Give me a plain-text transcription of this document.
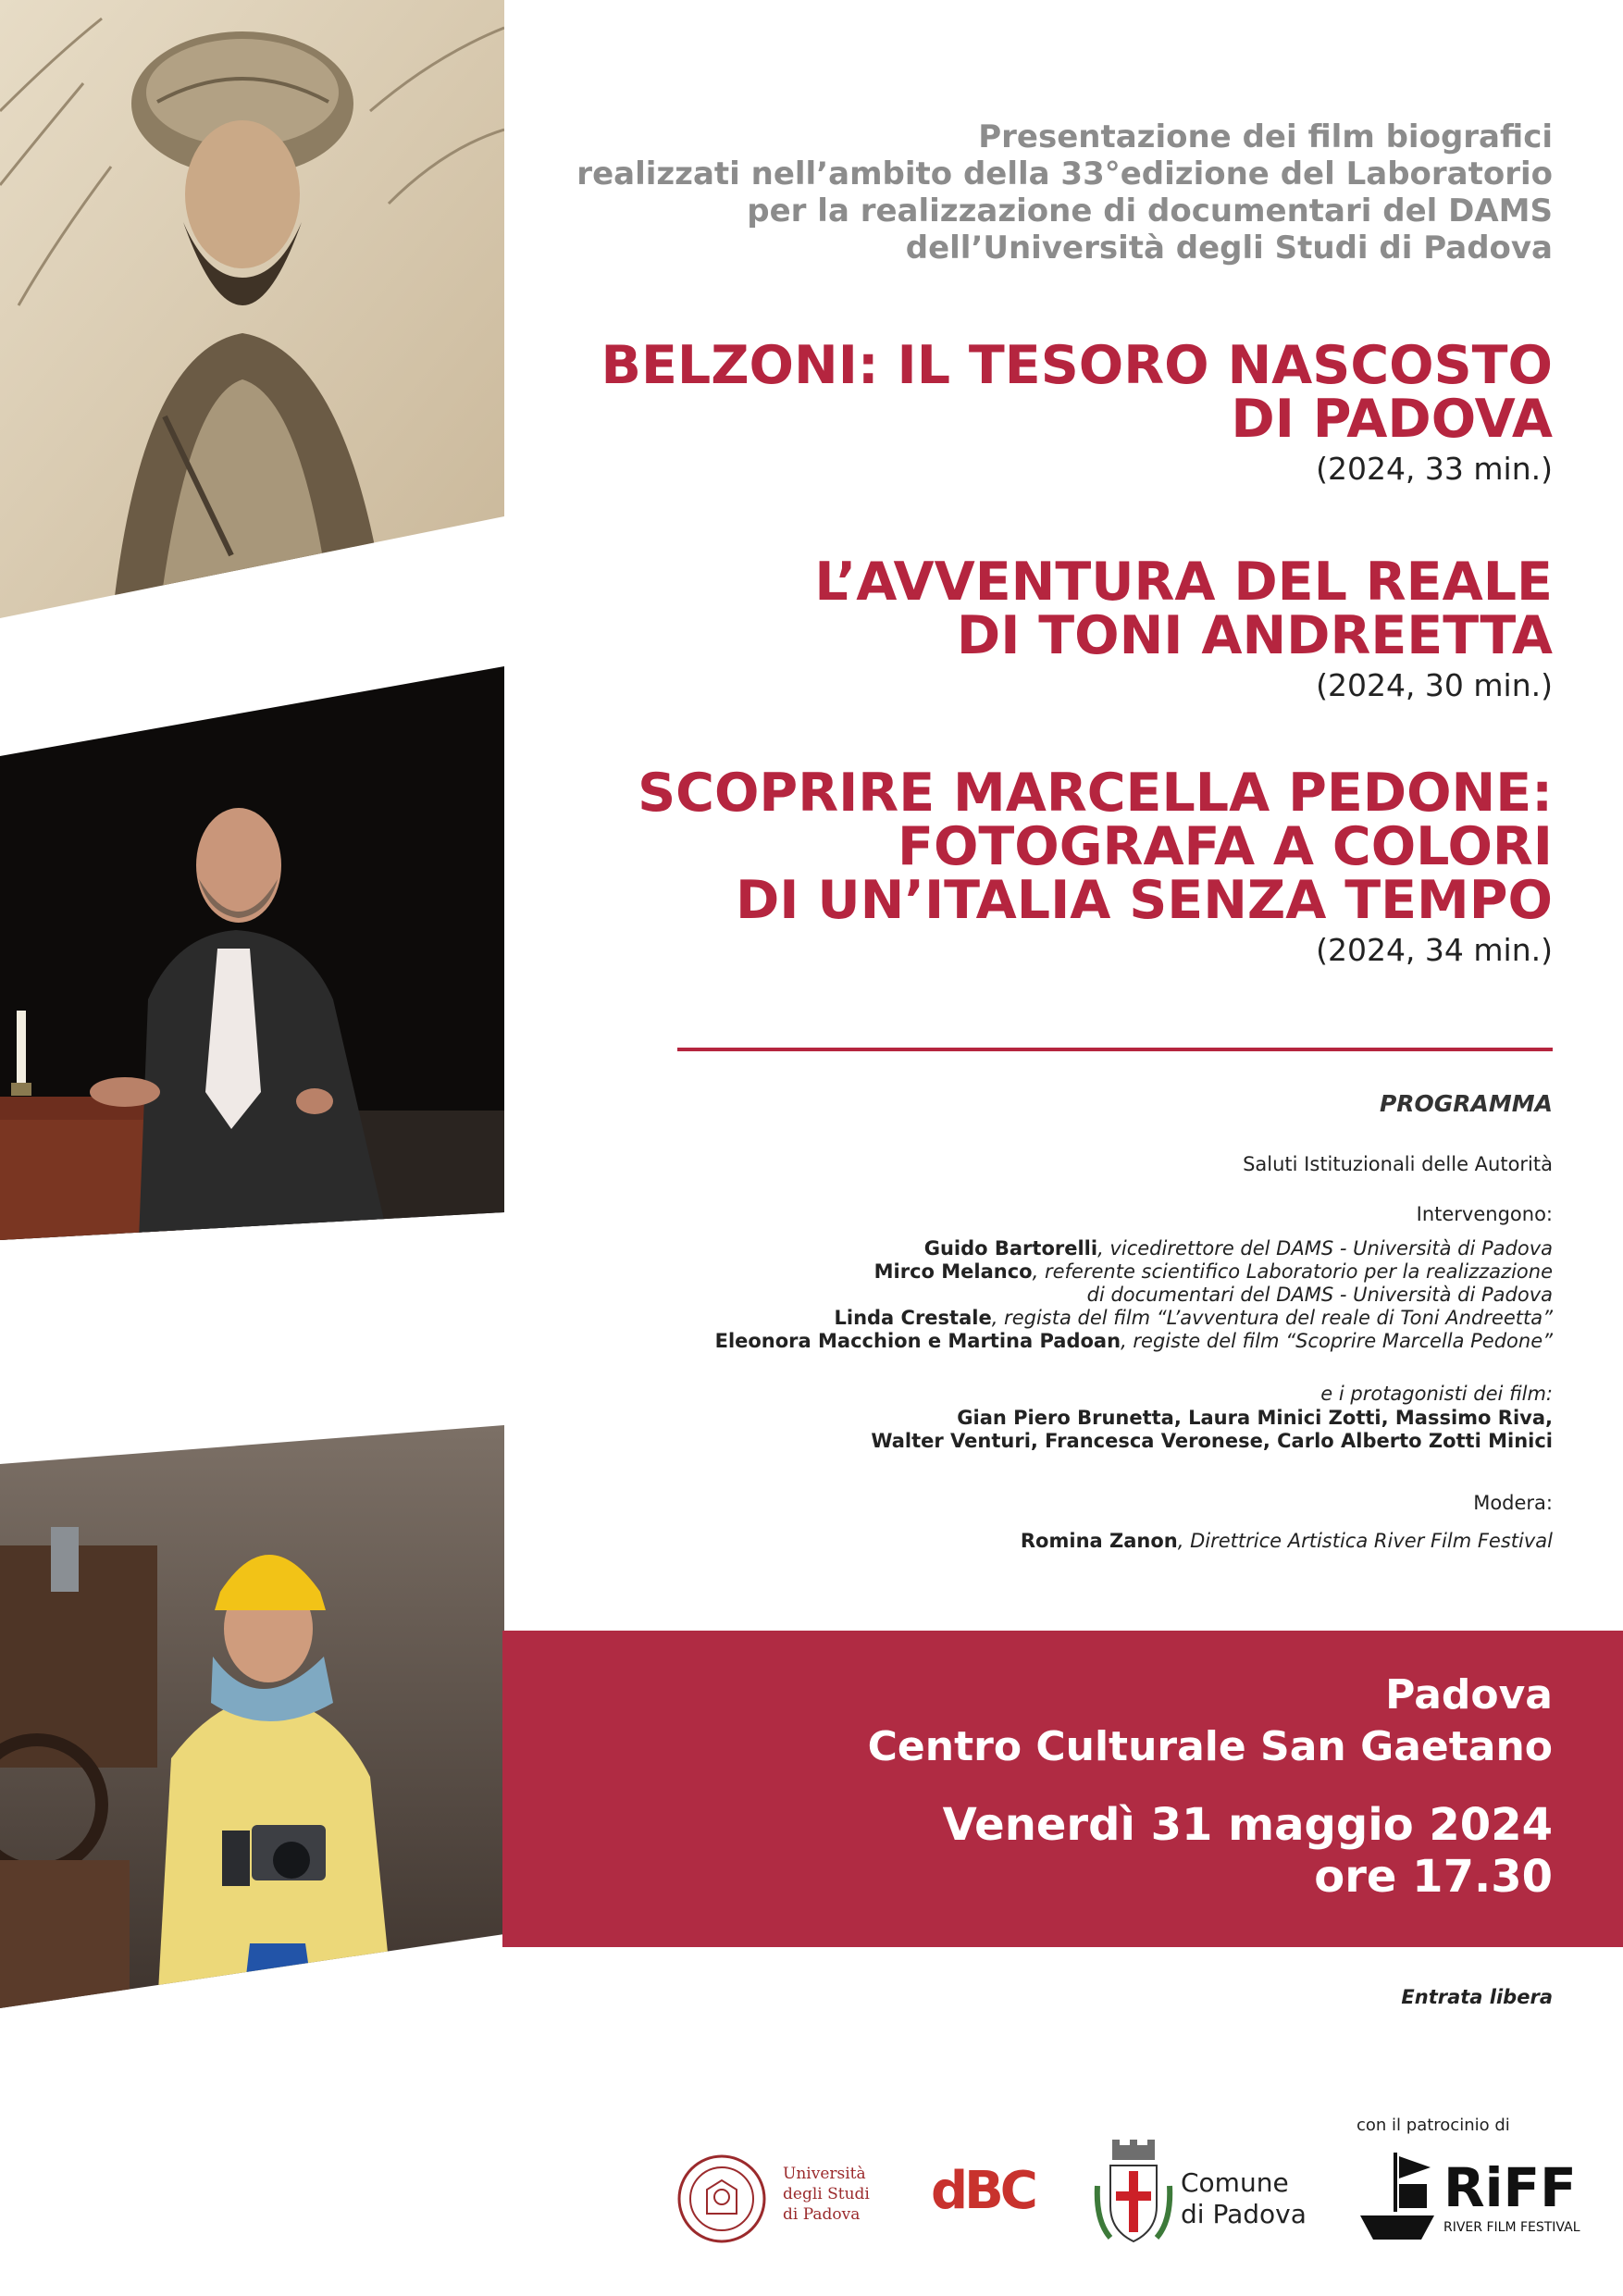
Presentazione dei film biografici
realizzati nell’ambito della 33°edizione del Laboratorio
per la realizzazione di documentari del DAMS
dell’Università degli Studi di Padova
BELZONI: IL TESORO NASCOSTO
DI PADOVA
(2024, 33 min.)
L’AVVENTURA DEL REALE
DI TONI ANDREETTA
(2024, 30 min.)
SCOPRIRE MARCELLA PEDONE:
FOTOGRAFA A COLORI
DI UN’ITALIA SENZA TEMPO
(2024, 34 min.)
PROGRAMMA
Saluti Istituzionali delle Autorità
Intervengono:
Guido Bartorelli, vicedirettore del DAMS - Università di Padova
Mirco Melanco, referente scientifico Laboratorio per la realizzazione
di documentari del DAMS - Università di Padova
Linda Crestale, regista del film “L’avventura del reale di Toni Andreetta”
Eleonora Macchion e Martina Padoan, registe del film “Scoprire Marcella Pedone”
e i protagonisti dei film:
Gian Piero Brunetta, Laura Minici Zotti, Massimo Riva,
Walter Venturi, Francesca Veronese, Carlo Alberto Zotti Minici
Modera:
Romina Zanon, Direttrice Artistica River Film Festival
Padova
Centro Culturale San Gaetano
Venerdì 31 maggio 2024
ore 17.30
Entrata libera
con il patrocinio di
Università
degli Studi
di Padova dBC	Comune
di Padova	RiFF
RIVER FILM FESTIVAL
